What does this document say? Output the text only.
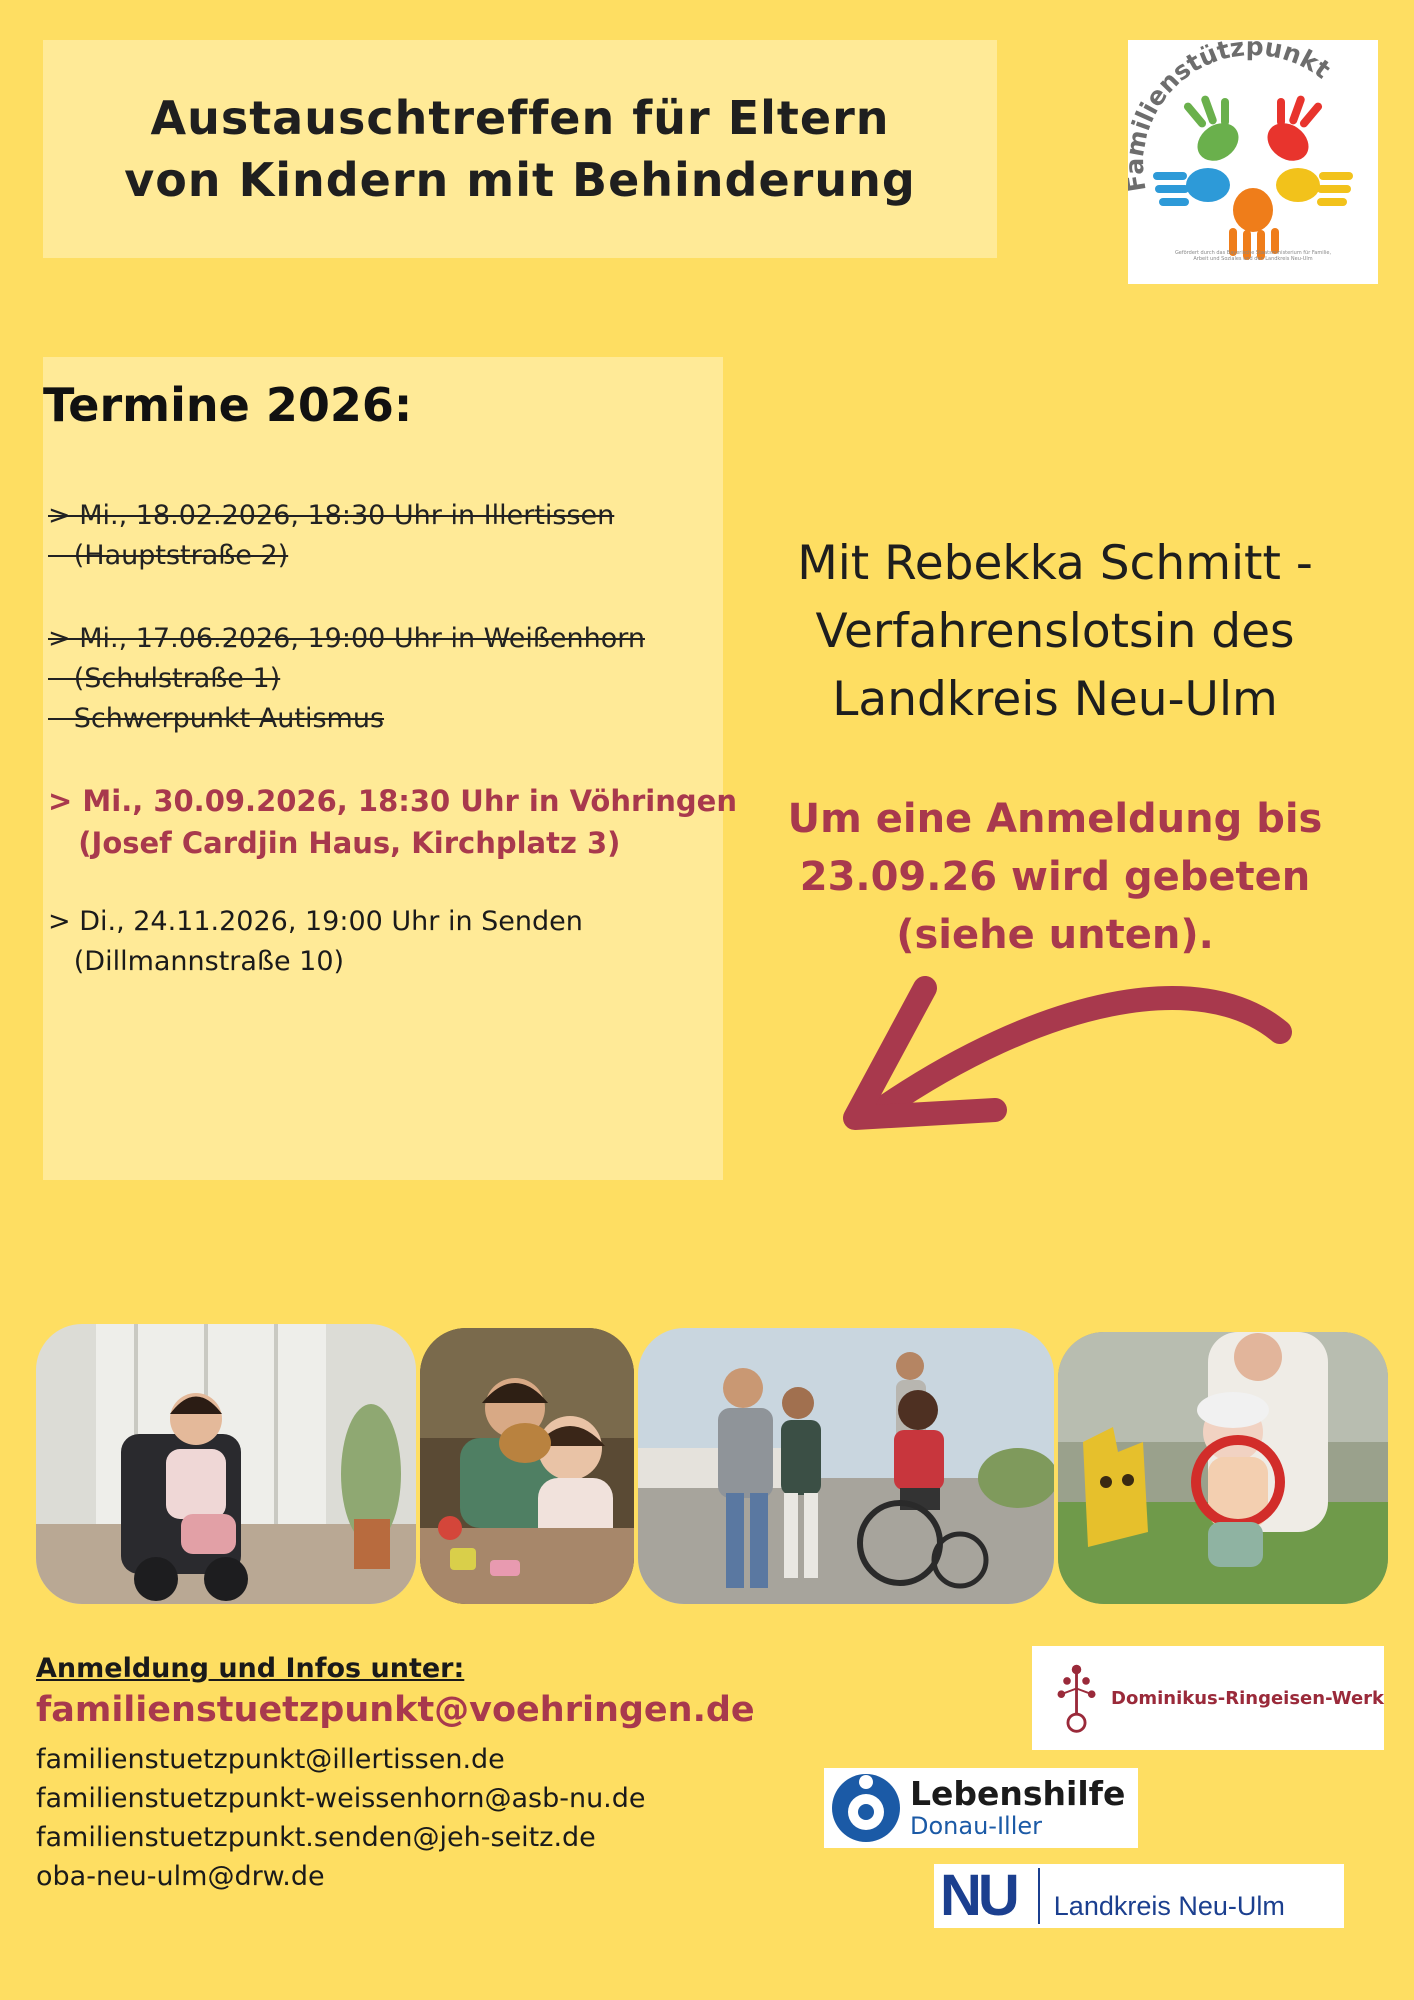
Austauschtreffen für Eltern
von Kindern mit Behinderung
ilienstützpunkt
Gefördert durch das Bayerische Staatsministerium für Familie, Arbeit und Soziales und den Landkreis Neu-Ulm
Termine 2026:
> Mi., 18.02.2026, 18:30 Uhr in Illertissen
(Hauptstraße 2)
> Mi., 17.06.2026, 19:00 Uhr in Weißenhorn
(Schulstraße 1)
Schwerpunkt Autismus
> Mi., 30.09.2026, 18:30 Uhr in Vöhringen
(Josef Cardjin Haus, Kirchplatz 3)
> Di., 24.11.2026, 19:00 Uhr in Senden
(Dillmannstraße 10)
Mit Rebekka Schmitt -
Verfahrenslotsin des
Landkreis Neu-Ulm
Um eine Anmeldung bis
23.09.26 wird gebeten
(siehe unten).
Anmeldung und Infos unter:
familienstuetzpunkt@voehringen.de
familienstuetzpunkt@illertissen.de
familienstuetzpunkt-weissenhorn@asb-nu.de
familienstuetzpunkt.senden@jeh-seitz.de
oba-neu-ulm@drw.de
Dominikus-Ringeisen-Werk
Lebenshilfe
Donau-Iller
NU Landkreis Neu-Ulm
